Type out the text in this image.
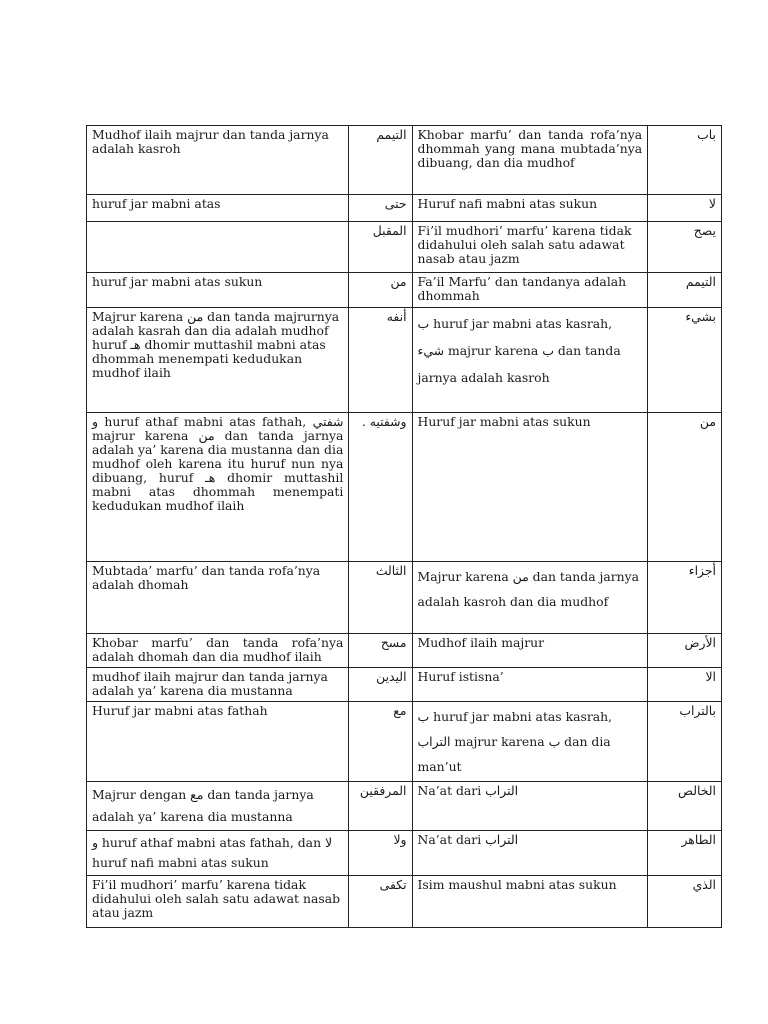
Mudhof ilaih majrur dan tanda jarnya adalah kasroh	التيمم	Khobar marfu’ dan tanda rofa’nya dhommah yang mana mubtada’nya dibuang, dan dia mudhof	باب
huruf jar mabni atas	حتى	Huruf nafi mabni atas sukun	لا
	المقبل	Fi’il mudhori’ marfu’ karena tidak didahului oleh salah satu adawat nasab atau jazm	يصح
huruf jar mabni atas sukun	من	Fa’il Marfu’ dan tandanya adalah dhommah	التيمم
Majrur karena من dan tanda majrurnya adalah kasrah dan dia adalah mudhof huruf هـ dhomir muttashil mabni atas dhommah menempati kedudukan mudhof ilaih	أنفه	ب huruf jar mabni atas kasrah, شيء majrur karena ب dan tanda jarnya adalah kasroh	بشيء
و huruf athaf mabni atas fathah, شفتي majrur karena من dan tanda jarnya adalah ya’ karena dia mustanna dan dia mudhof oleh karena itu huruf nun nya dibuang, huruf هـ dhomir muttashil mabni atas dhommah menempati kedudukan mudhof ilaih	وشفتيه .	Huruf jar mabni atas sukun	من
Mubtada’ marfu’ dan tanda rofa’nya adalah dhomah	الثالث	Majrur karena من dan tanda jarnya adalah kasroh dan dia mudhof	أجزاء
Khobar marfu’ dan tanda rofa’nya adalah dhomah dan dia mudhof ilaih	مسح	Mudhof ilaih majrur	الأرض
mudhof ilaih majrur dan tanda jarnya adalah ya’ karena dia mustanna	اليدين	Huruf istisna’	الا
Huruf jar mabni atas fathah	مع	ب huruf jar mabni atas kasrah, التراب majrur karena ب dan dia man’ut	بالتراب
Majrur dengan مع dan tanda jarnya adalah ya’ karena dia mustanna	المرفقين	Na’at dari التراب	الخالص
و huruf athaf mabni atas fathah, dan لا huruf nafi mabni atas sukun	ولا	Na’at dari التراب	الطاهر
Fi’il mudhori’ marfu’ karena tidak didahului oleh salah satu adawat nasab atau jazm	تكفى	Isim maushul mabni atas sukun	الذي
